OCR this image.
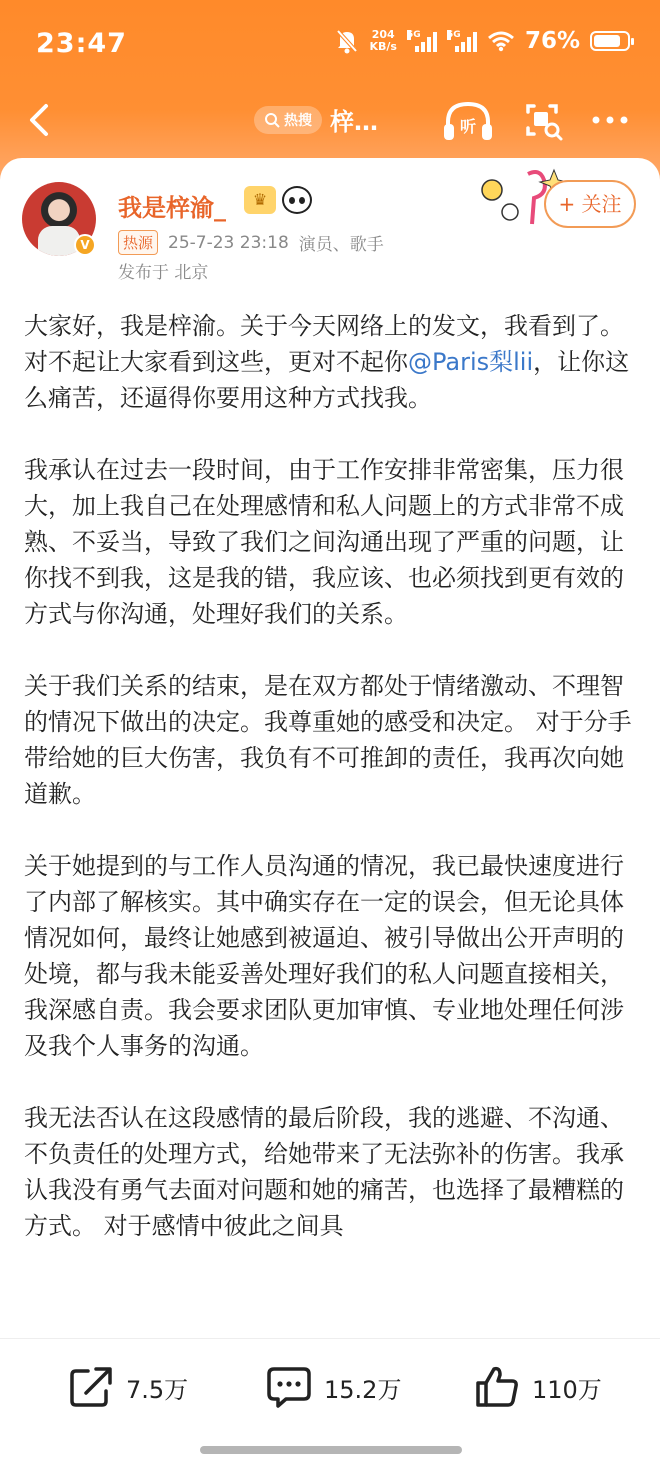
23:47	204
KB/s
5G	5G	76%
热搜 梓…	听
V
我是梓渝_	♛	+ 关注
热源 25-7-23 23:18 演员、歌手
发布于 北京

大家好，我是梓渝。关于今天网络上的发文，我看到了。对不起让大家看到这些，更对不起你@Paris梨lii，让你这么痛苦，还逼得你要用这种方式找我。

我承认在过去一段时间，由于工作安排非常密集，压力很大，加上我自己在处理感情和私人问题上的方式非常不成熟、不妥当，导致了我们之间沟通出现了严重的问题，让你找不到我，这是我的错，我应该、也必须找到更有效的方式与你沟通，处理好我们的关系。

关于我们关系的结束，是在双方都处于情绪激动、不理智的情况下做出的决定。我尊重她的感受和决定。 对于分手带给她的巨大伤害，我负有不可推卸的责任，我再次向她道歉。

关于她提到的与工作人员沟通的情况，我已最快速度进行了内部了解核实。其中确实存在一定的误会，但无论具体情况如何，最终让她感到被逼迫、被引导做出公开声明的处境，都与我未能妥善处理好我们的私人问题直接相关，我深感自责。我会要求团队更加审慎、专业地处理任何涉及我个人事务的沟通。

我无法否认在这段感情的最后阶段，我的逃避、不沟通、不负责任的处理方式，给她带来了无法弥补的伤害。我承认我没有勇气去面对问题和她的痛苦，也选择了最糟糕的方式。 对于感情中彼此之间具

7.5万	15.2万	110万
